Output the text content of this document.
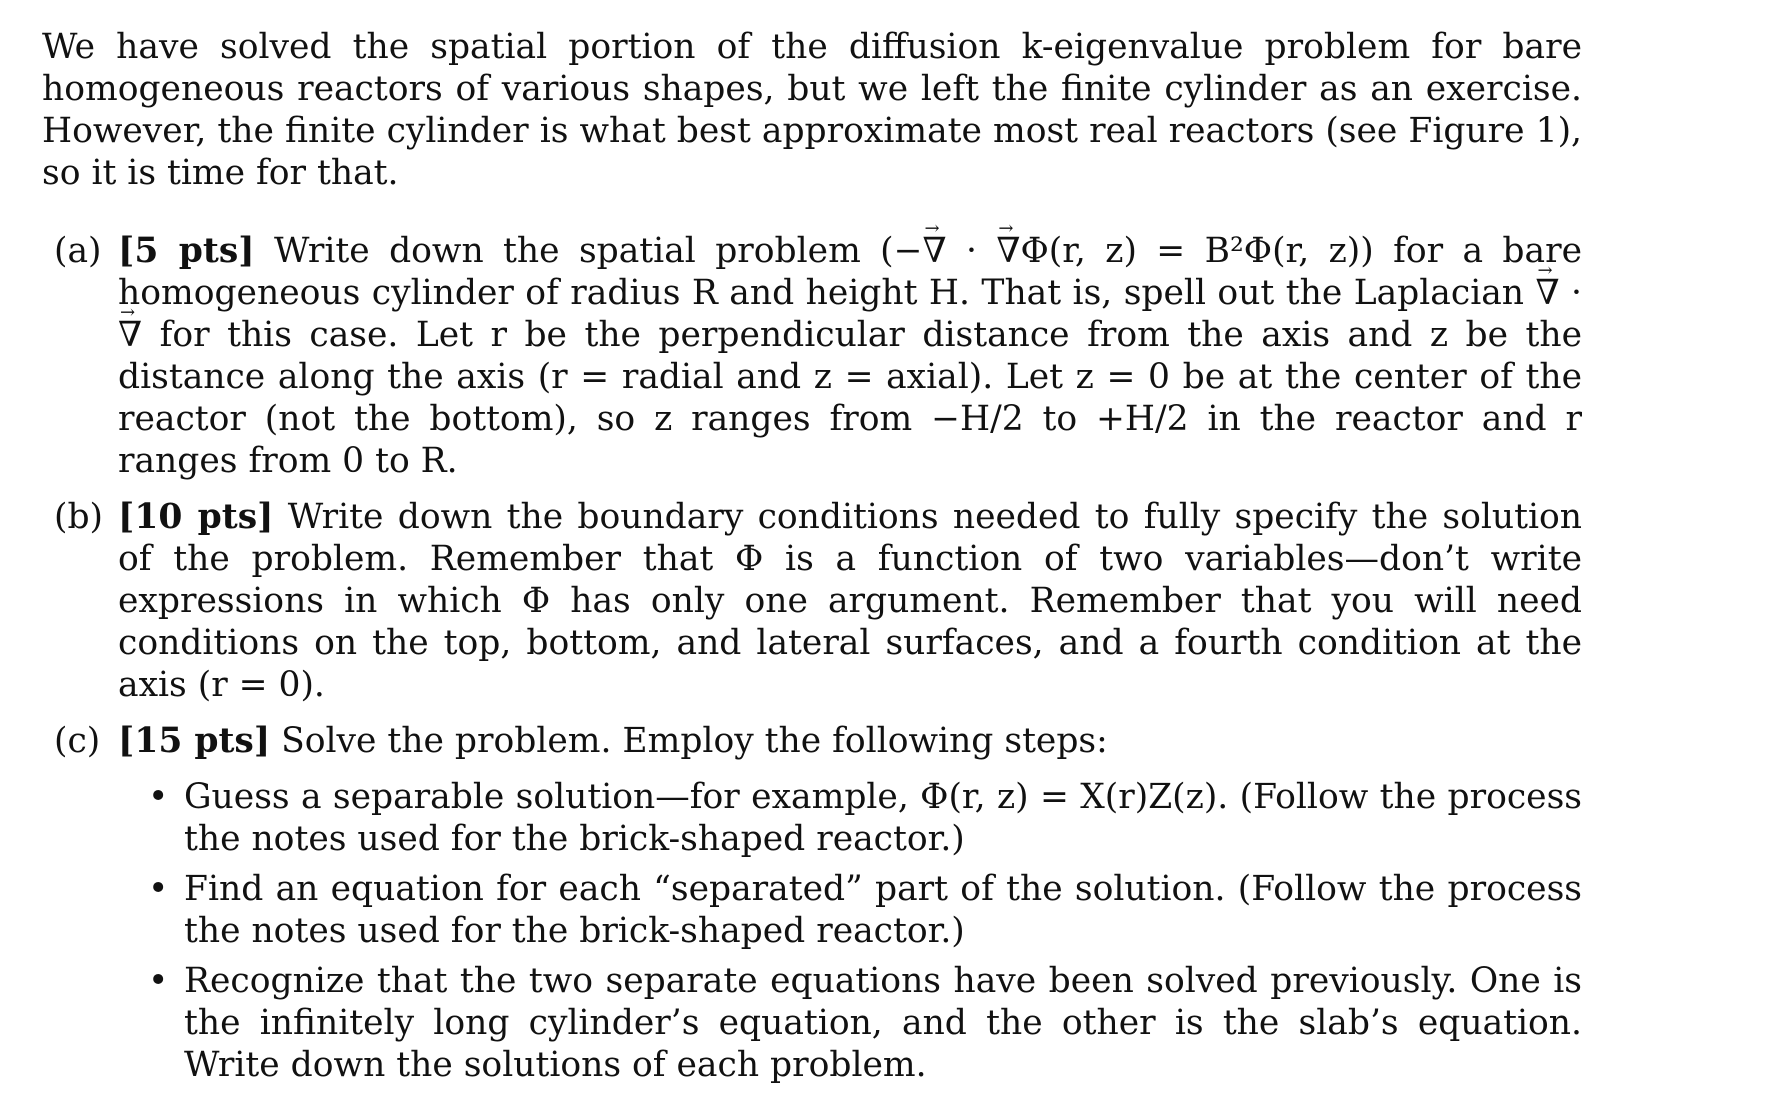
We have solved the spatial portion of the diffusion k-eigenvalue problem for bare homogeneous reactors of various shapes, but we left the finite cylinder as an exercise. However, the finite cylinder is what best approximate most real reactors (see Figure 1), so it is time for that.

(a) [5 pts] Write down the spatial problem (−∇ → · ∇ →Φ(r, z) = B²Φ(r, z)) for a bare homogeneous cylinder of radius R and height H. That is, spell out the Laplacian ∇ → · ∇ → for this case. Let r be the perpendicular distance from the axis and z be the distance along the axis (r = radial and z = axial). Let z = 0 be at the center of the reactor (not the bottom), so z ranges from −H/2 to +H/2 in the reactor and r ranges from 0 to R.
(b) [10 pts] Write down the boundary conditions needed to fully specify the solution of the problem. Remember that Φ is a function of two variables—don’t write expressions in which Φ has only one argument. Remember that you will need conditions on the top, bottom, and lateral surfaces, and a fourth condition at the axis (r = 0).
(c) [15 pts] Solve the problem. Employ the following steps:
• Guess a separable solution—for example, Φ(r, z) = X(r)Z(z). (Follow the process the notes used for the brick-shaped reactor.)
• Find an equation for each “separated” part of the solution. (Follow the process the notes used for the brick-shaped reactor.)
• Recognize that the two separate equations have been solved previously. One is the infinitely long cylinder’s equation, and the other is the slab’s equation. Write down the solutions of each problem.
